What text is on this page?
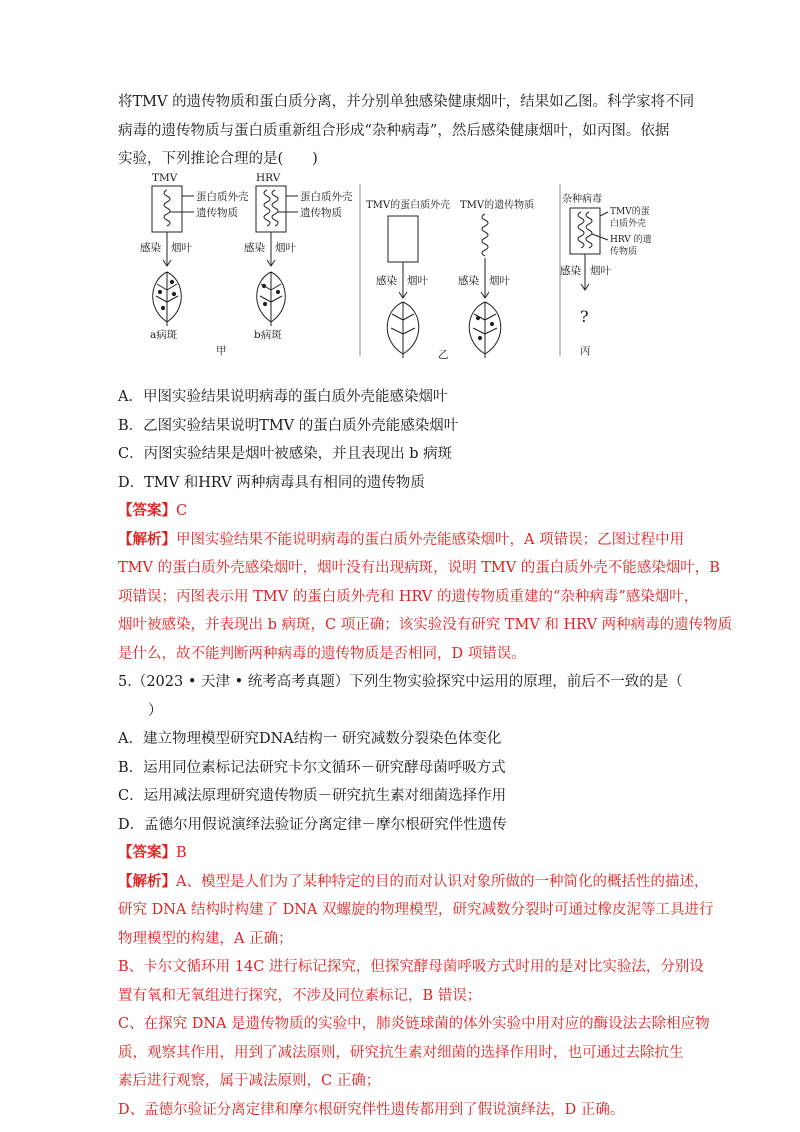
将TMV 的遗传物质和蛋白质分离，并分别单独感染健康烟叶，结果如乙图。科学家将不同
病毒的遗传物质与蛋白质重新组合形成“杂种病毒”，然后感染健康烟叶，如丙图。依据
实验，下列推论合理的是(　　)
TMV	HRV
蛋白质外壳
遗传物质
蛋白质外壳
遗传物质
感染 烟叶	感染 烟叶
a病斑	b病斑
甲
TMV的蛋白质外壳 TMV的遗传物质
感染 烟叶	感染 烟叶
乙
杂种病毒
TMV的蛋
白质外壳
HRV 的遗
传物质
感染 烟叶
?
丙
A．甲图实验结果说明病毒的蛋白质外壳能感染烟叶
B．乙图实验结果说明TMV 的蛋白质外壳能感染烟叶
C．丙图实验结果是烟叶被感染，并且表现出 b 病斑
D．TMV 和HRV 两种病毒具有相同的遗传物质
【答案】C
【解析】甲图实验结果不能说明病毒的蛋白质外壳能感染烟叶，A 项错误；乙图过程中用
TMV 的蛋白质外壳感染烟叶，烟叶没有出现病斑，说明 TMV 的蛋白质外壳不能感染烟叶，B
项错误；丙图表示用 TMV 的蛋白质外壳和 HRV 的遗传物质重建的“杂种病毒”感染烟叶，
烟叶被感染，并表现出 b 病斑，C 项正确；该实验没有研究 TMV 和 HRV 两种病毒的遗传物质
是什么，故不能判断两种病毒的遗传物质是否相同，D 项错误。
5.（2023 • 天津 • 统考高考真题）下列生物实验探究中运用的原理，前后不一致的是（
）
A．建立物理模型研究DNA结构一 研究减数分裂染色体变化
B．运用同位素标记法研究卡尔文循环－研究酵母菌呼吸方式
C．运用减法原理研究遗传物质－研究抗生素对细菌选择作用
D．孟德尔用假说演绎法验证分离定律－摩尔根研究伴性遗传
【答案】B
【解析】A、模型是人们为了某种特定的目的而对认识对象所做的一种简化的概括性的描述，
研究 DNA 结构时构建了 DNA 双螺旋的物理模型，研究减数分裂时可通过橡皮泥等工具进行
物理模型的构建，A 正确；
B、卡尔文循环用 14C 进行标记探究，但探究酵母菌呼吸方式时用的是对比实验法，分别设
置有氧和无氧组进行探究，不涉及同位素标记，B 错误；
C、在探究 DNA 是遗传物质的实验中，肺炎链球菌的体外实验中用对应的酶设法去除相应物
质，观察其作用，用到了减法原则，研究抗生素对细菌的选择作用时，也可通过去除抗生
素后进行观察，属于减法原则，C 正确；
D、孟德尔验证分离定律和摩尔根研究伴性遗传都用到了假说演绎法，D 正确。
